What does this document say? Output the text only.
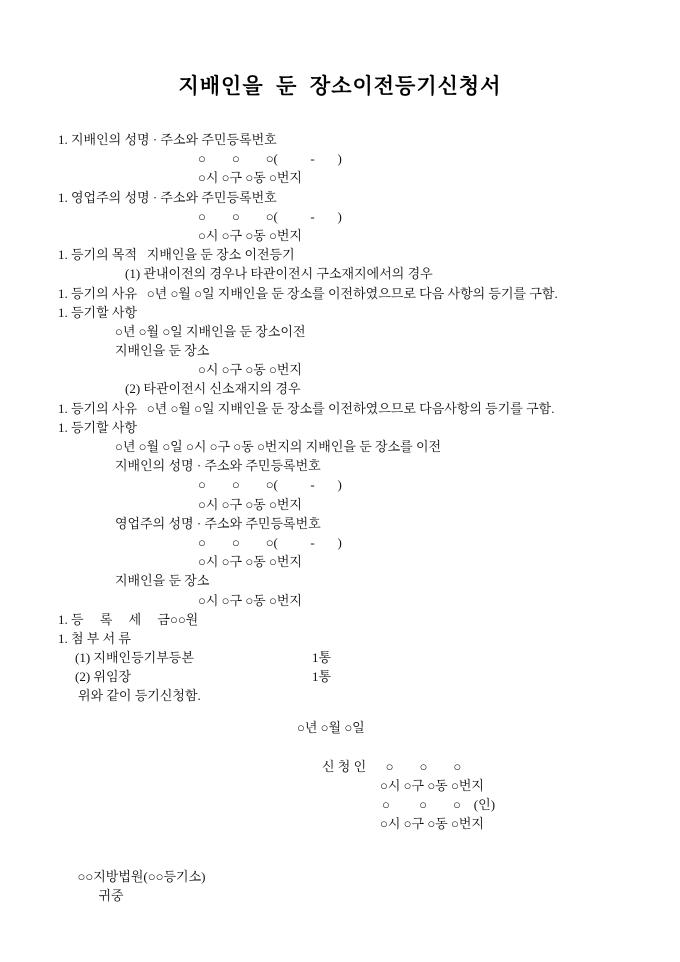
지배인을  둔  장소이전등기신청서
1. 지배인의 성명 · 주소와 주민등록번호
○        ○        ○(          -       )
○시 ○구 ○동 ○번지
1. 영업주의 성명 · 주소와 주민등록번호
○        ○        ○(          -       )
○시 ○구 ○동 ○번지
1. 등기의 목적   지배인을 둔 장소 이전등기
(1) 관내이전의 경우나 타관이전시 구소재지에서의 경우
1. 등기의 사유   ○년 ○월 ○일 지배인을 둔 장소를 이전하였으므로 다음 사항의 등기를 구함.
1. 등기할 사항
○년 ○월 ○일 지배인을 둔 장소이전
지배인을 둔 장소
○시 ○구 ○동 ○번지
(2) 타관이전시 신소재지의 경우
1. 등기의 사유   ○년 ○월 ○일 지배인을 둔 장소를 이전하였으므로 다음사항의 등기를 구함.
1. 등기할 사항
○년 ○월 ○일 ○시 ○구 ○동 ○번지의 지배인을 둔 장소를 이전
지배인의 성명 · 주소와 주민등록번호
○        ○        ○(          -       )
○시 ○구 ○동 ○번지
영업주의 성명 · 주소와 주민등록번호
○        ○        ○(          -       )
○시 ○구 ○동 ○번지
지배인을 둔 장소
○시 ○구 ○동 ○번지
1. 등     록     세     금○○원
1. 첨 부 서 류
(1) 지배인등기부등본	1통
(2) 위임장	1통
위와 같이 등기신청함.
○년 ○월 ○일
신 청 인      ○        ○        ○
○시 ○구 ○동 ○번지
○         ○        ○    (인)
○시 ○구 ○동 ○번지

○○지방법원(○○등기소)
귀중
